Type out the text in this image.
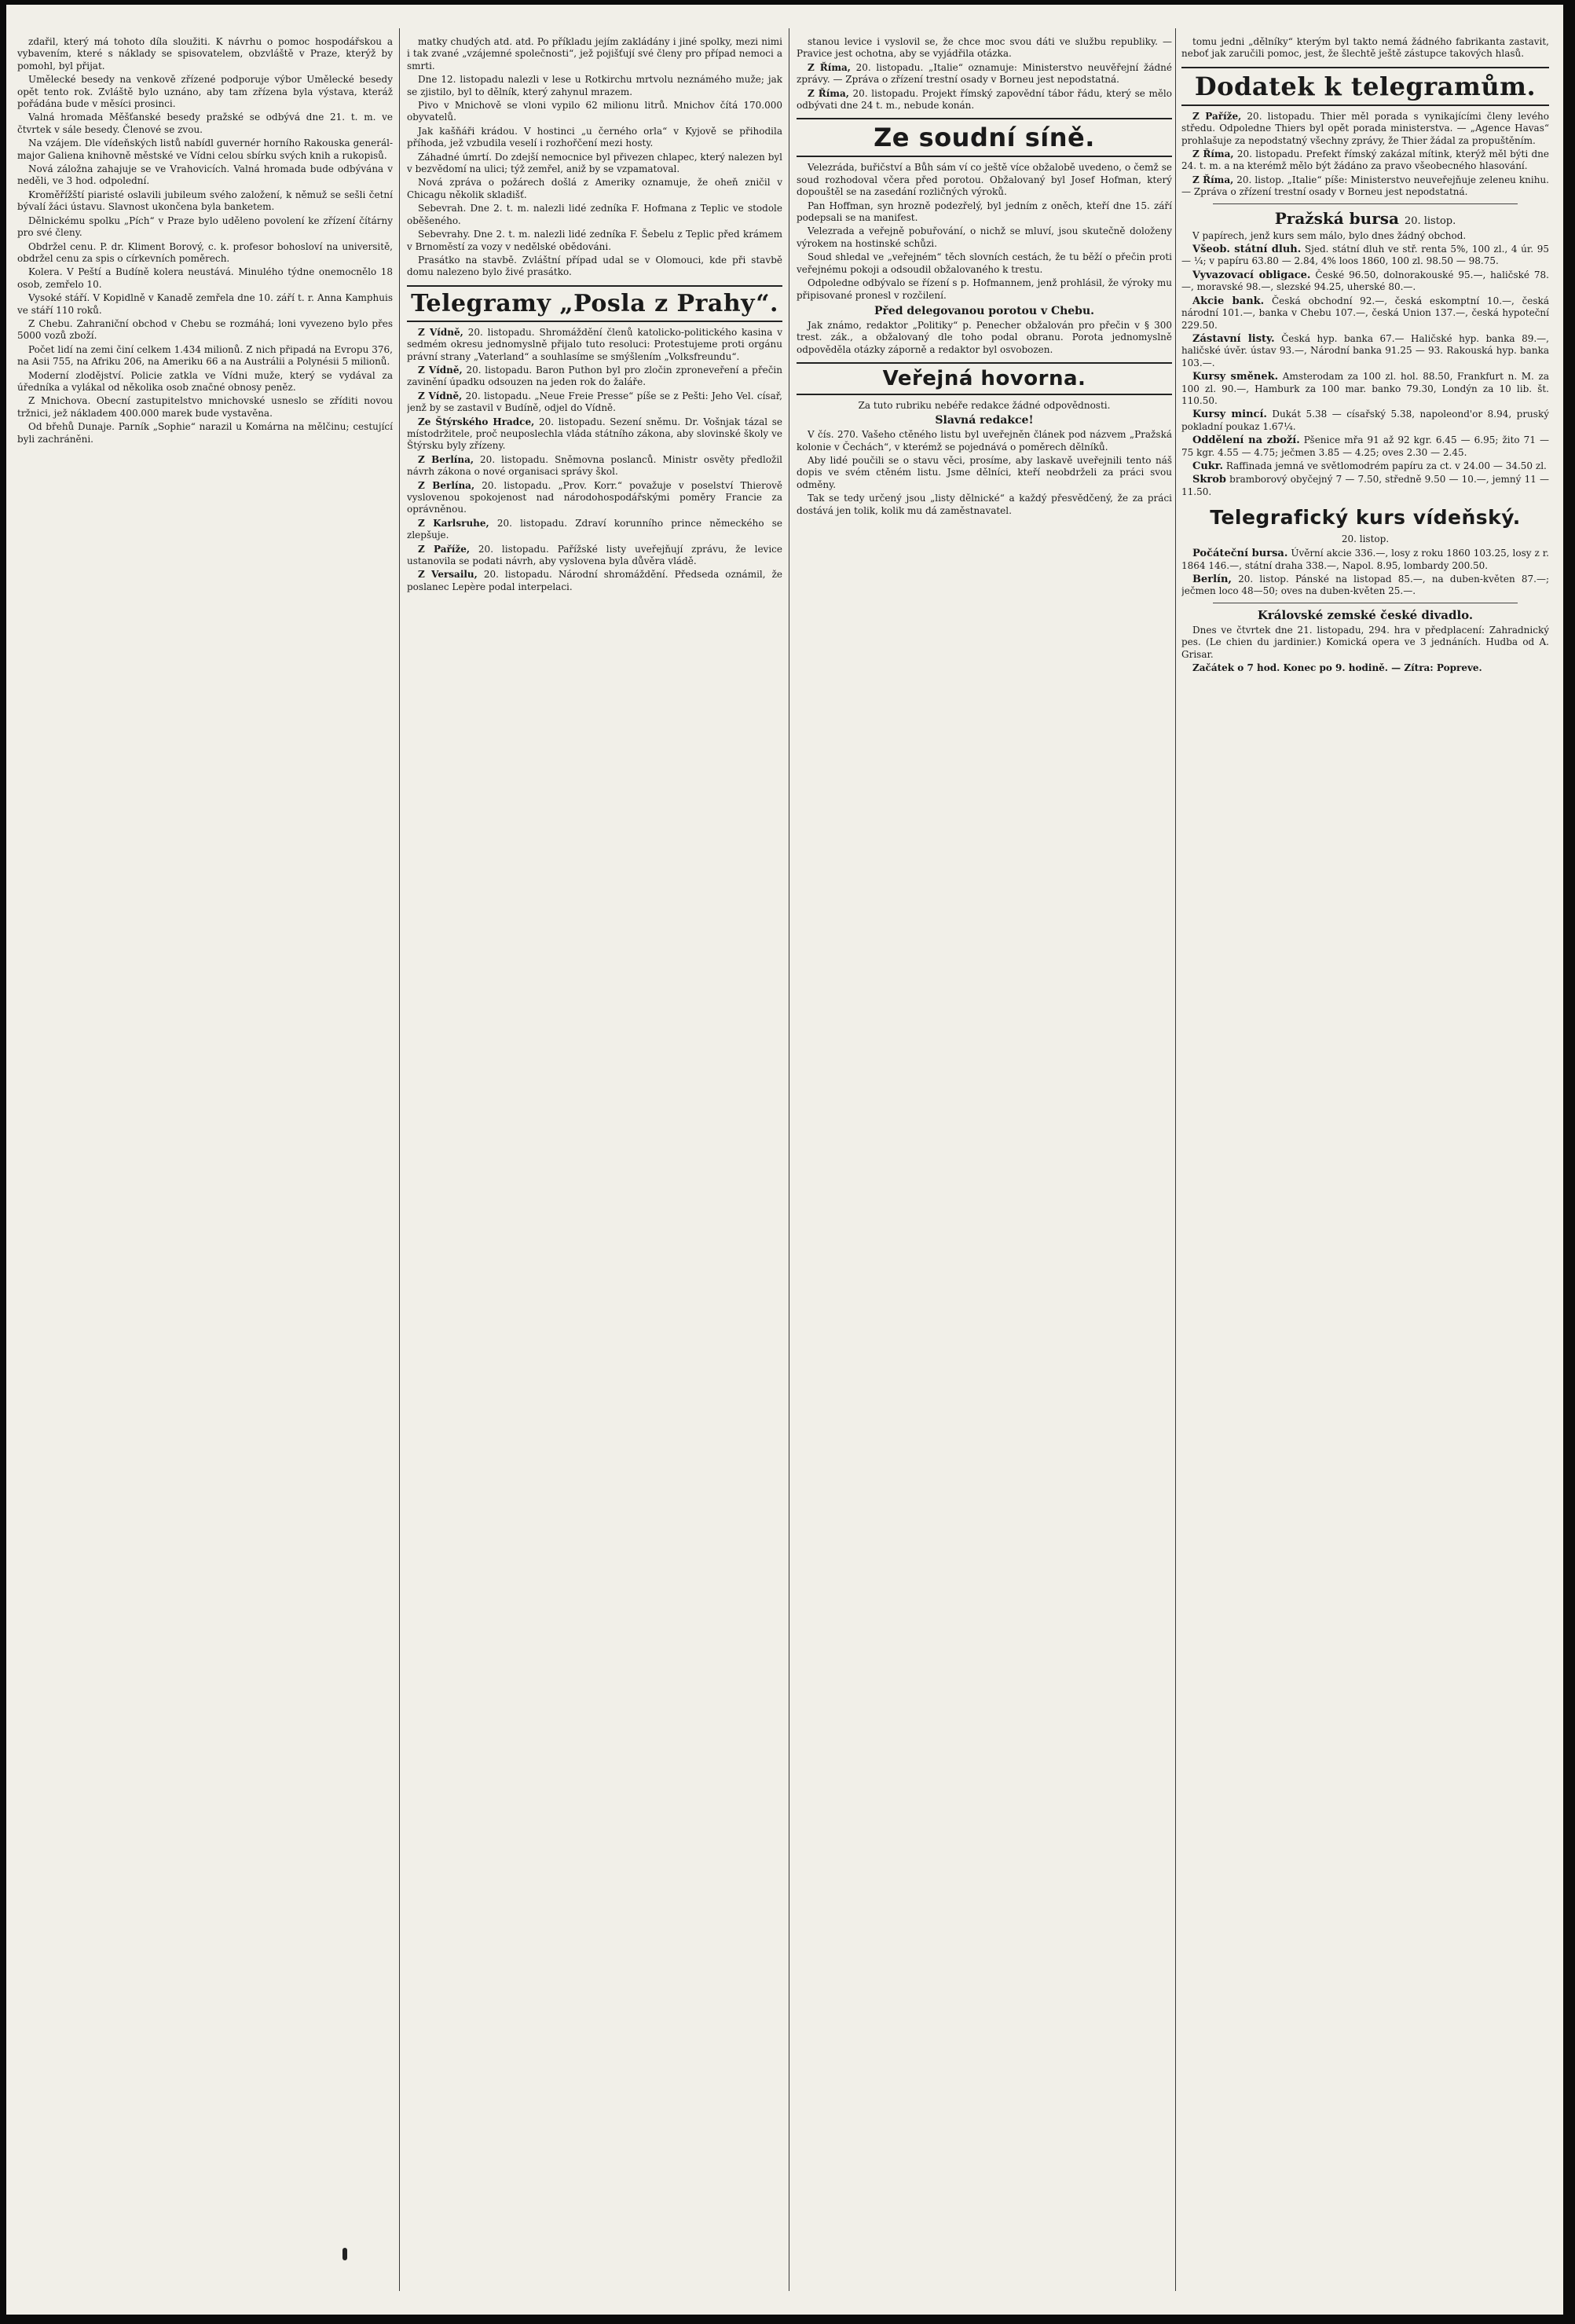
zdařil, který má tohoto díla sloužiti. K návrhu o pomoc hospodářskou a vybavením, které s náklady se spisovatelem, obzvláště v Praze, kterýž by pomohl, byl přijat.

Umělecké besedy na venkově zřízené podporuje výbor Umělecké besedy opět tento rok. Zvláště bylo uznáno, aby tam zřízena byla výstava, kteráž pořádána bude v měsíci prosinci.

Valná hromada Měšťanské besedy pražské se odbývá dne 21. t. m. ve čtvrtek v sále besedy. Členové se zvou.

Na vzájem. Dle vídeňských listů nabídl guvernér horního Rakouska generál-major Galiena knihovně městské ve Vídni celou sbírku svých knih a rukopisů.

Nová záložna zahajuje se ve Vrahovicích. Valná hromada bude odbývána v neděli, ve 3 hod. odpolední.

Kroměřížští piaristé oslavili jubileum svého založení, k němuž se sešli četní bývalí žáci ústavu. Slavnost ukončena byla banketem.

Dělnickému spolku „Pích“ v Praze bylo uděleno povolení ke zřízení čítárny pro své členy.

Obdržel cenu. P. dr. Kliment Borový, c. k. profesor bohosloví na universitě, obdržel cenu za spis o církevních poměrech.

Kolera. V Peští a Budíně kolera neustává. Minulého týdne onemocnělo 18 osob, zemřelo 10.

Vysoké stáří. V Kopidlně v Kanadě zemřela dne 10. září t. r. Anna Kamphuis ve stáří 110 roků.

Z Chebu. Zahraniční obchod v Chebu se rozmáhá; loni vyvezeno bylo přes 5000 vozů zboží.

Počet lidí na zemi činí celkem 1.434 milionů. Z nich připadá na Evropu 376, na Asii 755, na Afriku 206, na Ameriku 66 a na Austrálii a Polynésii 5 milionů.

Moderní zlodějství. Policie zatkla ve Vídni muže, který se vydával za úředníka a vylákal od několika osob značné obnosy peněz.

Z Mnichova. Obecní zastupitelstvo mnichovské usneslo se zříditi novou tržnici, jež nákladem 400.000 marek bude vystavěna.

Od břehů Dunaje. Parník „Sophie“ narazil u Komárna na mělčinu; cestující byli zachráněni.

matky chudých atd. atd. Po příkladu jejím zakládány i jiné spolky, mezi nimi i tak zvané „vzájemné společnosti“, jež pojišťují své členy pro případ nemoci a smrti.

Dne 12. listopadu nalezli v lese u Rotkirchu mrtvolu neznámého muže; jak se zjistilo, byl to dělník, který zahynul mrazem.

Pivo v Mnichově se vloni vypilo 62 milionu litrů. Mnichov čítá 170.000 obyvatelů.

Jak kašňáři krádou. V hostinci „u černého orla“ v Kyjově se přihodila příhoda, jež vzbudila veselí i rozhořčení mezi hosty.

Záhadné úmrtí. Do zdejší nemocnice byl přivezen chlapec, který nalezen byl v bezvědomí na ulici; týž zemřel, aniž by se vzpamatoval.

Nová zpráva o požárech došlá z Ameriky oznamuje, že oheň zničil v Chicagu několik skladišť.

Sebevrah. Dne 2. t. m. nalezli lidé zedníka F. Hofmana z Teplic ve stodole oběšeného.

Sebevrahy. Dne 2. t. m. nalezli lidé zedníka F. Šebelu z Teplic před krámem v Brnoměstí za vozy v nedělské obědováni.

Prasátko na stavbě. Zvláštní případ udal se v Olomouci, kde při stavbě domu nalezeno bylo živé prasátko.

Telegramy „Posla z Prahy“.

Z Vídně, 20. listopadu. Shromáždění členů katolicko-politického kasina v sedmém okresu jednomyslně přijalo tuto resoluci: Protestujeme proti orgánu právní strany „Vaterland“ a souhlasíme se smýšlením „Volksfreundu“.

Z Vídně, 20. listopadu. Baron Puthon byl pro zločin zproneveření a přečin zavinění úpadku odsouzen na jeden rok do žaláře.

Z Vídně, 20. listopadu. „Neue Freie Presse“ píše se z Pešti: Jeho Vel. císař, jenž by se zastavil v Budíně, odjel do Vídně.

Ze Štýrského Hradce, 20. listopadu. Sezení sněmu. Dr. Vošnjak tázal se místodržitele, proč neuposlechla vláda státního zákona, aby slovinské školy ve Štýrsku byly zřízeny.

Z Berlína, 20. listopadu. Sněmovna poslanců. Ministr osvěty předložil návrh zákona o nové organisaci správy škol.

Z Berlína, 20. listopadu. „Prov. Korr.“ považuje v poselství Thierově vyslovenou spokojenost nad národohospodářskými poměry Francie za oprávněnou.

Z Karlsruhe, 20. listopadu. Zdraví korunního prince německého se zlepšuje.

Z Paříže, 20. listopadu. Pařížské listy uveřejňují zprávu, že levice ustanovila se podati návrh, aby vyslovena byla důvěra vládě.

Z Versailu, 20. listopadu. Národní shromáždění. Předseda oznámil, že poslanec Lepère podal interpelaci.

stanou levice i vyslovil se, že chce moc svou dáti ve službu republiky. — Pravice jest ochotna, aby se vyjádřila otázka.

Z Říma, 20. listopadu. „Italie“ oznamuje: Ministerstvo neuvěřejní žádné zprávy. — Zpráva o zřízení trestní osady v Borneu jest nepodstatná.

Z Říma, 20. listopadu. Projekt římský zapovědní tábor řádu, který se mělo odbývati dne 24 t. m., nebude konán.

Ze soudní síně.

Velezráda, buřičství a Bůh sám ví co ještě více obžalobě uvedeno, o čemž se soud rozhodoval včera před porotou. Obžalovaný byl Josef Hofman, který dopouštěl se na zasedání rozličných výroků.

Pan Hoffman, syn hrozně podezřelý, byl jedním z oněch, kteří dne 15. září podepsali se na manifest.

Velezrada a veřejně pobuřování, o nichž se mluví, jsou skutečně doloženy výrokem na hostinské schůzi.

Soud shledal ve „veřejném“ těch slovních cestách, že tu běží o přečin proti veřejnému pokoji a odsoudil obžalovaného k trestu.

Odpoledne odbývalo se řízení s p. Hofmannem, jenž prohlásil, že výroky mu připisované pronesl v rozčilení.

Před delegovanou porotou v Chebu.

Jak známo, redaktor „Politiky“ p. Penecher obžalován pro přečin v § 300 trest. zák., a obžalovaný dle toho podal obranu. Porota jednomyslně odpověděla otázky záporně a redaktor byl osvobozen.

Veřejná hovorna.
Za tuto rubriku nebéře redakce žádné odpovědnosti.
Slavná redakce!

V čís. 270. Vašeho ctěného listu byl uveřejněn článek pod názvem „Pražská kolonie v Čechách“, v kterémž se pojednává o poměrech dělníků.

Aby lidé poučili se o stavu věci, prosíme, aby laskavě uveřejnili tento náš dopis ve svém ctěném listu. Jsme dělníci, kteří neobdrželi za práci svou odměny.

Tak se tedy určený jsou „listy dělnické“ a každý přesvědčený, že za práci dostává jen tolik, kolik mu dá zaměstnavatel.

tomu jedni „dělníky“ kterým byl takto nemá žádného fabrikanta zastavit, neboť jak zaručili pomoc, jest, že šlechtě ještě zástupce takových hlasů.

Dodatek k telegramům.

Z Paříže, 20. listopadu. Thier měl porada s vynikajícími členy levého středu. Odpoledne Thiers byl opět porada ministerstva. — „Agence Havas“ prohlašuje za nepodstatný všechny zprávy, že Thier žádal za propuštěním.

Z Říma, 20. listopadu. Prefekt římský zakázal mítink, kterýž měl býti dne 24. t. m. a na kterémž mělo být žádáno za pravo všeobecného hlasování.

Z Říma, 20. listop. „Italie“ píše: Ministerstvo neuveřejňuje zeleneu knihu. — Zpráva o zřízení trestní osady v Borneu jest nepodstatná.

Pražská bursa 20. listop.

V papírech, jenž kurs sem málo, bylo dnes žádný obchod.

Všeob. státní dluh. Sjed. státní dluh ve stř. renta 5%, 100 zl., 4 úr. 95 — ¼; v papíru 63.80 — 2.84, 4% loos 1860, 100 zl. 98.50 — 98.75.

Vyvazovací obligace. České 96.50, dolnorakouské 95.—, haličské 78.—, moravské 98.—, slezské 94.25, uherské 80.—.

Akcie bank. Česká obchodní 92.—, česká eskomptní 10.—, česká národní 101.—, banka v Chebu 107.—, česká Union 137.—, česká hypoteční 229.50.

Zástavní listy. Česká hyp. banka 67.— Haličské hyp. banka 89.—, haličské úvěr. ústav 93.—, Národní banka 91.25 — 93. Rakouská hyp. banka 103.—.

Kursy směnek. Amsterodam za 100 zl. hol. 88.50, Frankfurt n. M. za 100 zl. 90.—, Hamburk za 100 mar. banko 79.30, Londýn za 10 lib. št. 110.50.

Kursy mincí. Dukát 5.38 — císařský 5.38, napoleond'or 8.94, pruský pokladní poukaz 1.67¼.

Oddělení na zboží. Pšenice mřa 91 až 92 kgr. 6.45 — 6.95; žito 71 — 75 kgr. 4.55 — 4.75; ječmen 3.85 — 4.25; oves 2.30 — 2.45.

Cukr. Raffinada jemná ve světlomodrém papíru za ct. v 24.00 — 34.50 zl.

Skrob bramborový obyčejný 7 — 7.50, středně 9.50 — 10.—, jemný 11 — 11.50.

Telegrafický kurs vídeňský.
20. listop.

Počáteční bursa. Úvěrní akcie 336.—, losy z roku 1860 103.25, losy z r. 1864 146.—, státní draha 338.—, Napol. 8.95, lombardy 200.50.

Berlín, 20. listop. Pánské na listopad 85.—, na duben-květen 87.—; ječmen loco 48—50; oves na duben-květen 25.—.

Královské zemské české divadlo.

Dnes ve čtvrtek dne 21. listopadu, 294. hra v předplacení: Zahradnický pes. (Le chien du jardinier.) Komická opera ve 3 jednáních. Hudba od A. Grisar.

Začátek o 7 hod. Konec po 9. hodině. — Zítra: Popreve.
